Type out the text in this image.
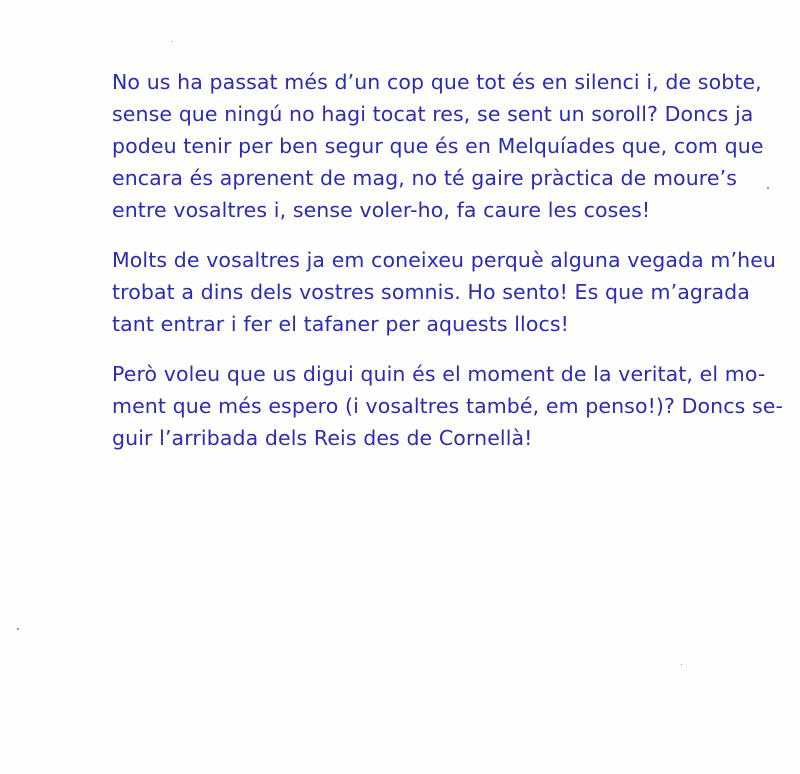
No us ha passat més d’un cop que tot és en silenci i, de sobte,
sense que ningú no hagi tocat res, se sent un soroll? Doncs ja
podeu tenir per ben segur que és en Melquíades que, com que
encara és aprenent de mag, no té gaire pràctica de moure’s
entre vosaltres i, sense voler-ho, fa caure les coses!

Molts de vosaltres ja em coneixeu perquè alguna vegada m’heu
trobat a dins dels vostres somnis. Ho sento! Es que m’agrada
tant entrar i fer el tafaner per aquests llocs!

Però voleu que us digui quin és el moment de la veritat, el mo-
ment que més espero (i vosaltres també, em penso!)? Doncs se-
guir l’arribada dels Reis des de Cornellà!
